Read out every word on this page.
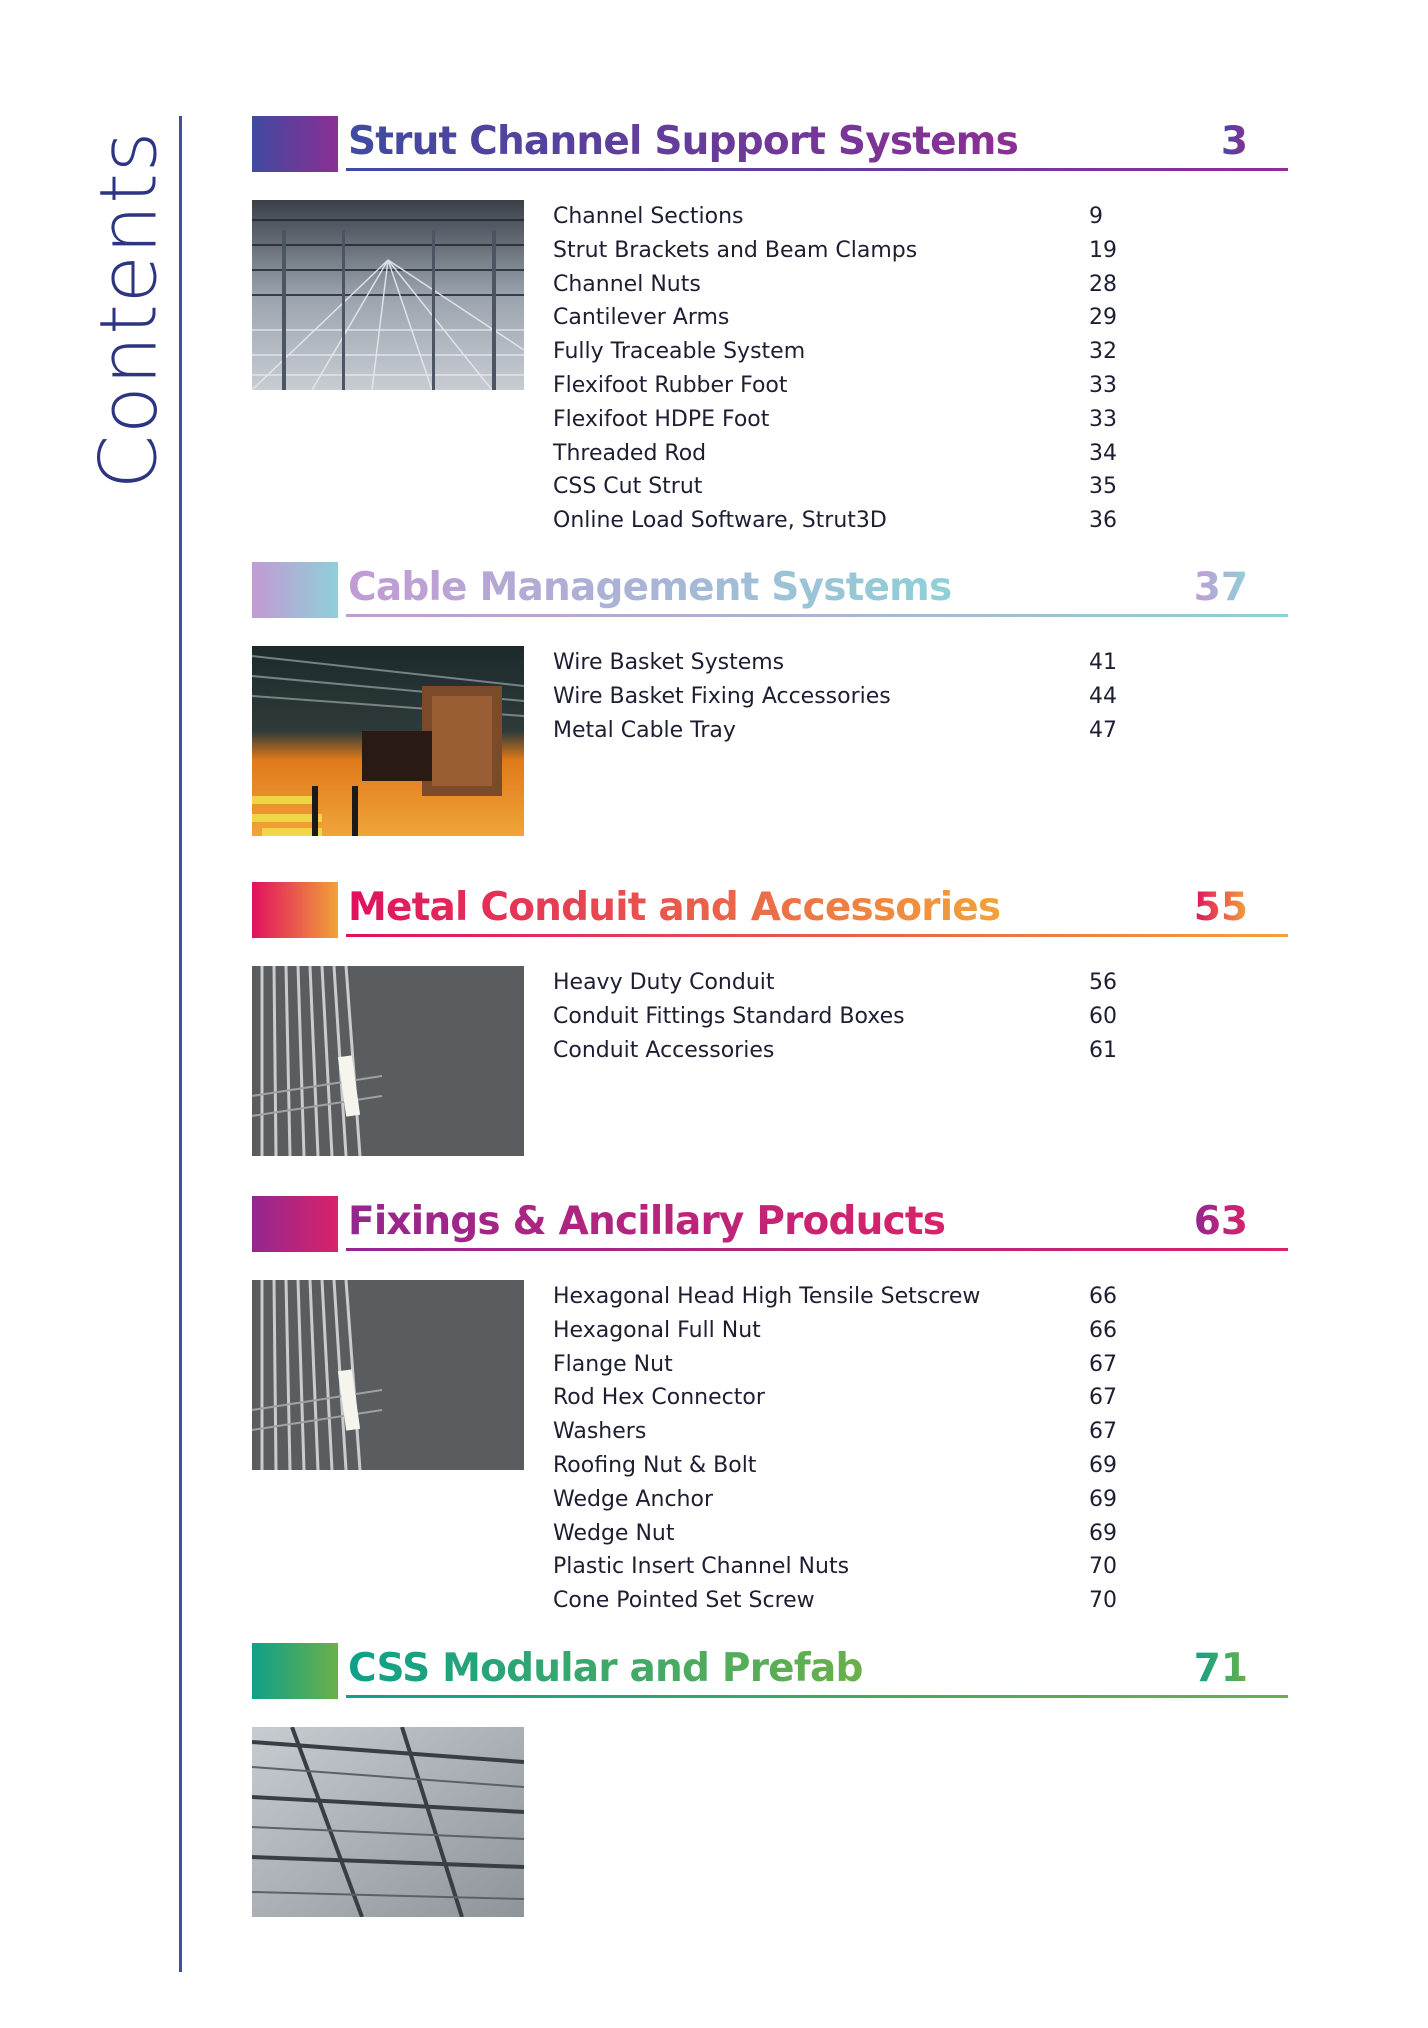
Contents	Strut Channel Support Systems	3
Channel Sections	9
Strut Brackets and Beam Clamps	19
Channel Nuts	28
Cantilever Arms	29
Fully Traceable System	32
Flexifoot Rubber Foot	33
Flexifoot HDPE Foot	33
Threaded Rod	34
CSS Cut Strut	35
Online Load Software, Strut3D	36
Cable Management Systems	37
Wire Basket Systems	41
Wire Basket Fixing Accessories	44
Metal Cable Tray	47
Metal Conduit and Accessories	55
Heavy Duty Conduit	56
Conduit Fittings Standard Boxes	60
Conduit Accessories	61
Fixings & Ancillary Products	63
Hexagonal Head High Tensile Setscrew	66
Hexagonal Full Nut	66
Flange Nut	67
Rod Hex Connector	67
Washers	67
Roofing Nut & Bolt	69
Wedge Anchor	69
Wedge Nut	69
Plastic Insert Channel Nuts	70
Cone Pointed Set Screw	70
CSS Modular and Prefab	71
